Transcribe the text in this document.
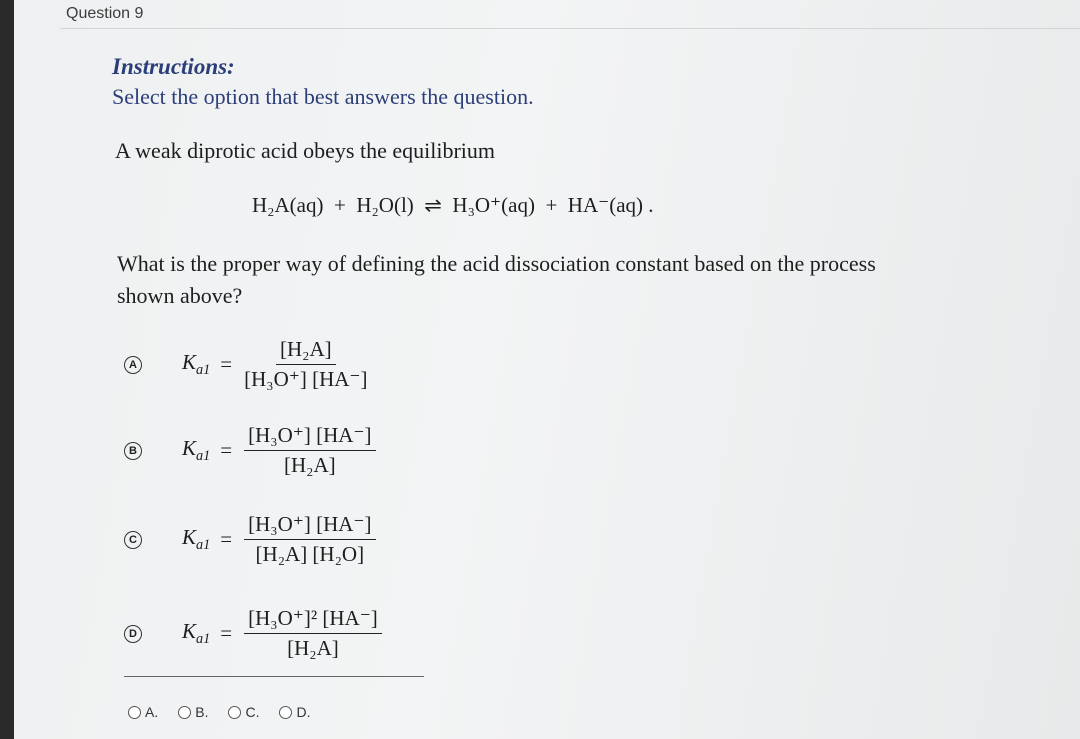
Question 9
Instructions:
Select the option that best answers the question.
A weak diprotic acid obeys the equilibrium
H₂A(aq) + H₂O(l) ⇌ H₃O⁺(aq) + HA⁻(aq) .
What is the proper way of defining the acid dissociation constant based on the process shown above?
A $K_{a1} = \frac{\text{[H₂A]}}{\text{[H₃O⁺] [HA⁻]}}$
B $K_{a1} = \frac{\text{[H₃O⁺] [HA⁻]}}{\text{[H₂A]}}$
C $K_{a1} = \frac{\text{[H₃O⁺] [HA⁻]}}{\text{[H₂A] [H₂O]}}$
D $K_{a1} = \frac{\text{[H₃O⁺]² [HA⁻]}}{\text{[H₂A]}}$
A.	B.	C.	D.
